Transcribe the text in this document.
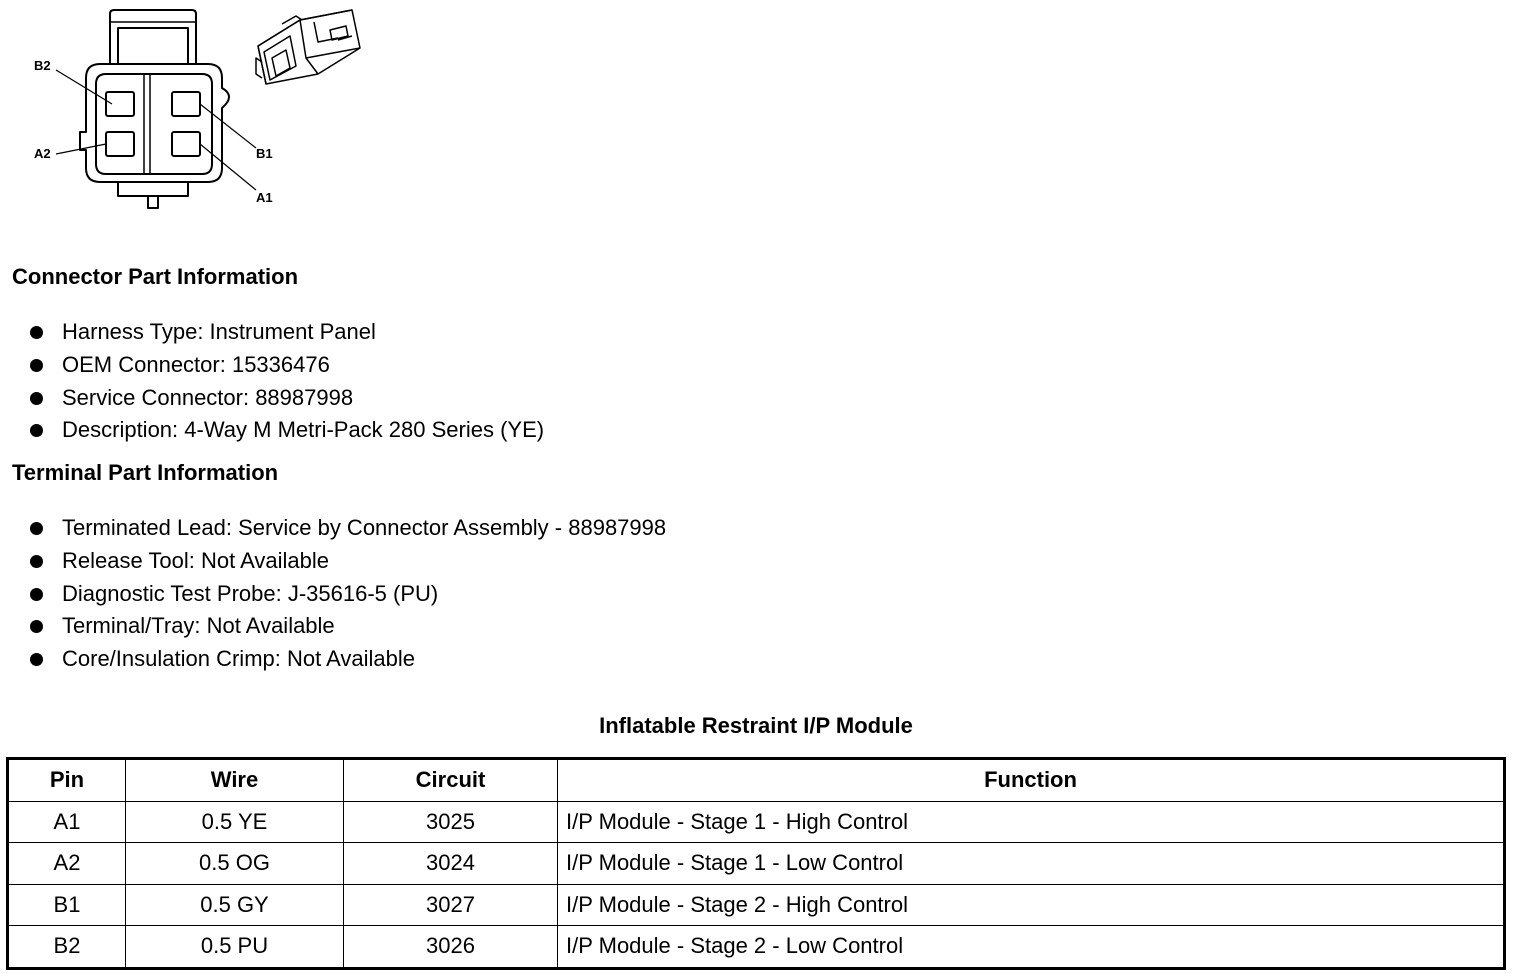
B2
A2	B1
A1
Connector Part Information
Harness Type: Instrument Panel
OEM Connector: 15336476
Service Connector: 88987998
Description: 4-Way M Metri-Pack 280 Series (YE)
Terminal Part Information
Terminated Lead: Service by Connector Assembly - 88987998
Release Tool: Not Available
Diagnostic Test Probe: J-35616-5 (PU)
Terminal/Tray: Not Available
Core/Insulation Crimp: Not Available
Inflatable Restraint I/P Module
Pin	Wire	Circuit	Function
A1	0.5 YE	3025	I/P Module - Stage 1 - High Control
A2	0.5 OG	3024	I/P Module - Stage 1 - Low Control
B1	0.5 GY	3027	I/P Module - Stage 2 - High Control
B2	0.5 PU	3026	I/P Module - Stage 2 - Low Control
